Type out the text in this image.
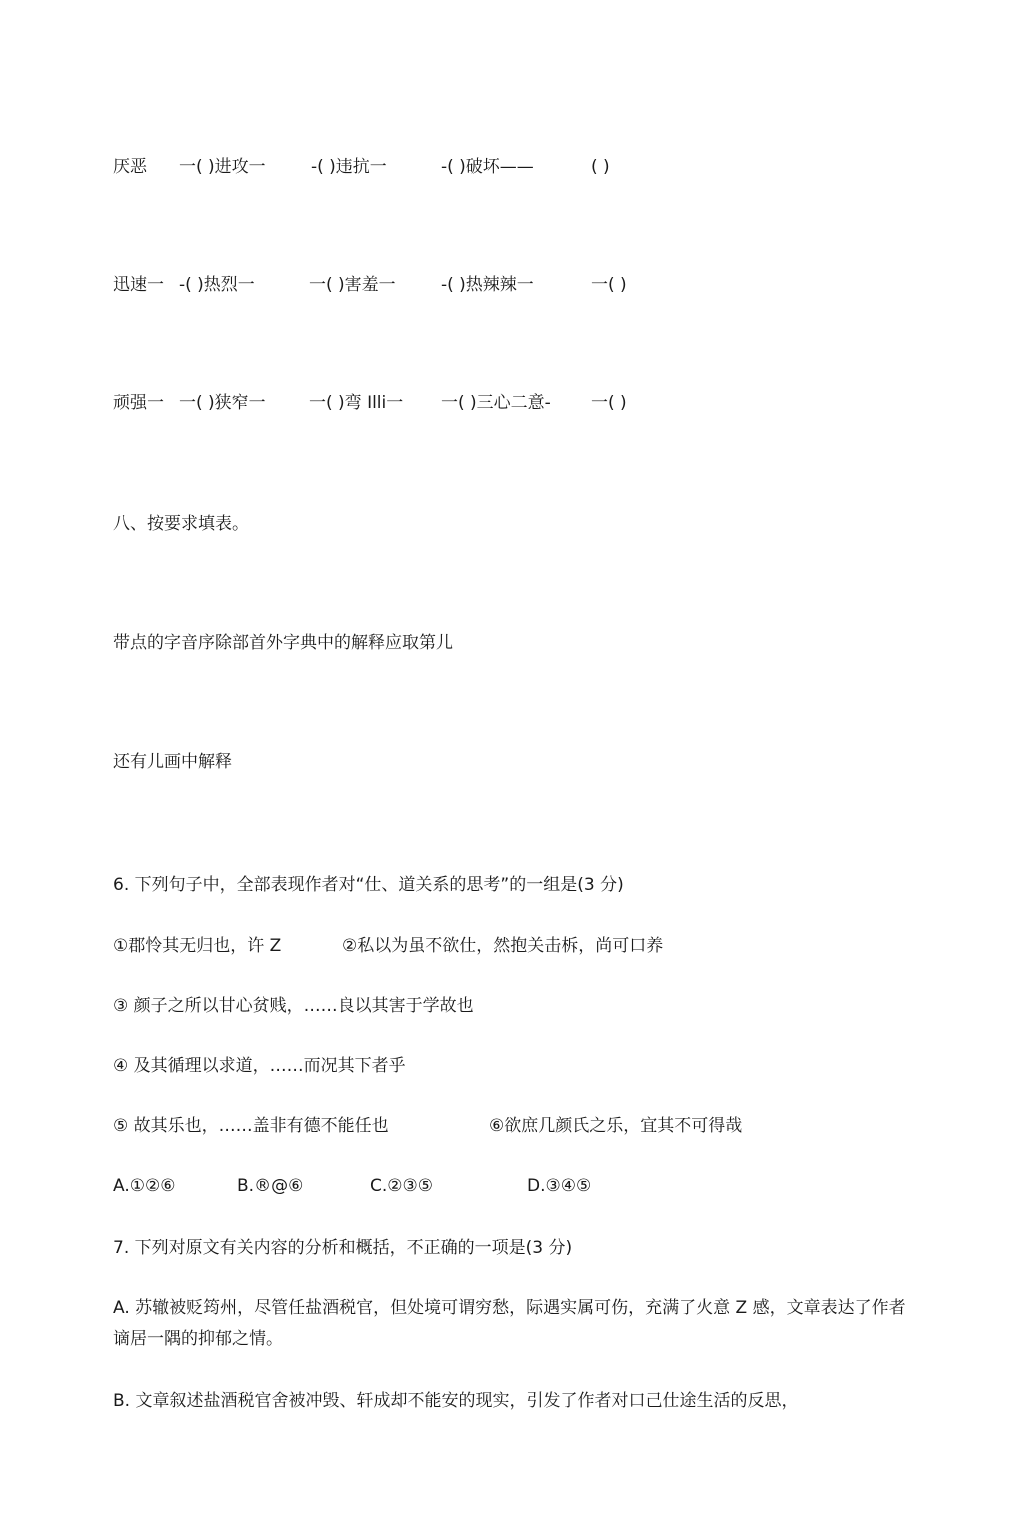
厌恶 一( )进攻一	-( )违抗一	-( )破坏——	( )
迅速一 -( )热烈一	一( )害羞一	-( )热辣辣一	一( )
顽强一 一( )狭窄一	一( )弯 Illi一 一( )三心二意- 一( )
八、按要求填表。
带点的字音序除部首外字典中的解释应取第儿
还有儿画中解释
6. 下列句子中，全部表现作者对“仕、道关系的思考”的一组是(3 分)
①郡怜其无归也，许 Z	②私以为虽不欲仕，然抱关击柝，尚可口养
③ 颜子之所以甘心贫贱，……良以其害于学故也
④ 及其循理以求道，……而况其下者乎
⑤ 故其乐也，……盖非有德不能任也	⑥欲庶几颜氏之乐，宜其不可得哉
A.①②⑥	B.®@⑥	C.②③⑤	D.③④⑤
7. 下列对原文有关内容的分析和概括，不正确的一项是(3 分)
A. 苏辙被贬筠州，尽管任盐酒税官，但处境可谓穷愁，际遇实属可伤，充满了火意 Z 感，文章表达了作者谪居一隅的抑郁之情。
B. 文章叙述盐酒税官舍被冲毁、轩成却不能安的现实，引发了作者对口己仕途生活的反思，
